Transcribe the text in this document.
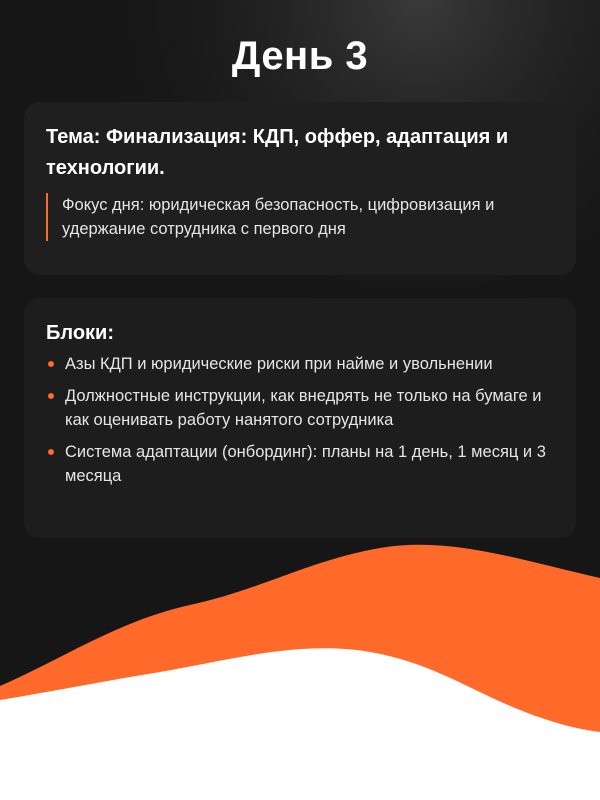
День 3

Тема: Финализация: КДП, оффер, адаптация и технологии.

Фокус дня: юридическая безопасность, цифровизация и удержание сотрудника с первого дня

Блоки:

Азы КДП и юридические риски при найме и увольнении
Должностные инструкции, как внедрять не только на бумаге и как оценивать работу нанятого сотрудника
Система адаптации (онбординг): планы на 1 день, 1 месяц и 3 месяца
